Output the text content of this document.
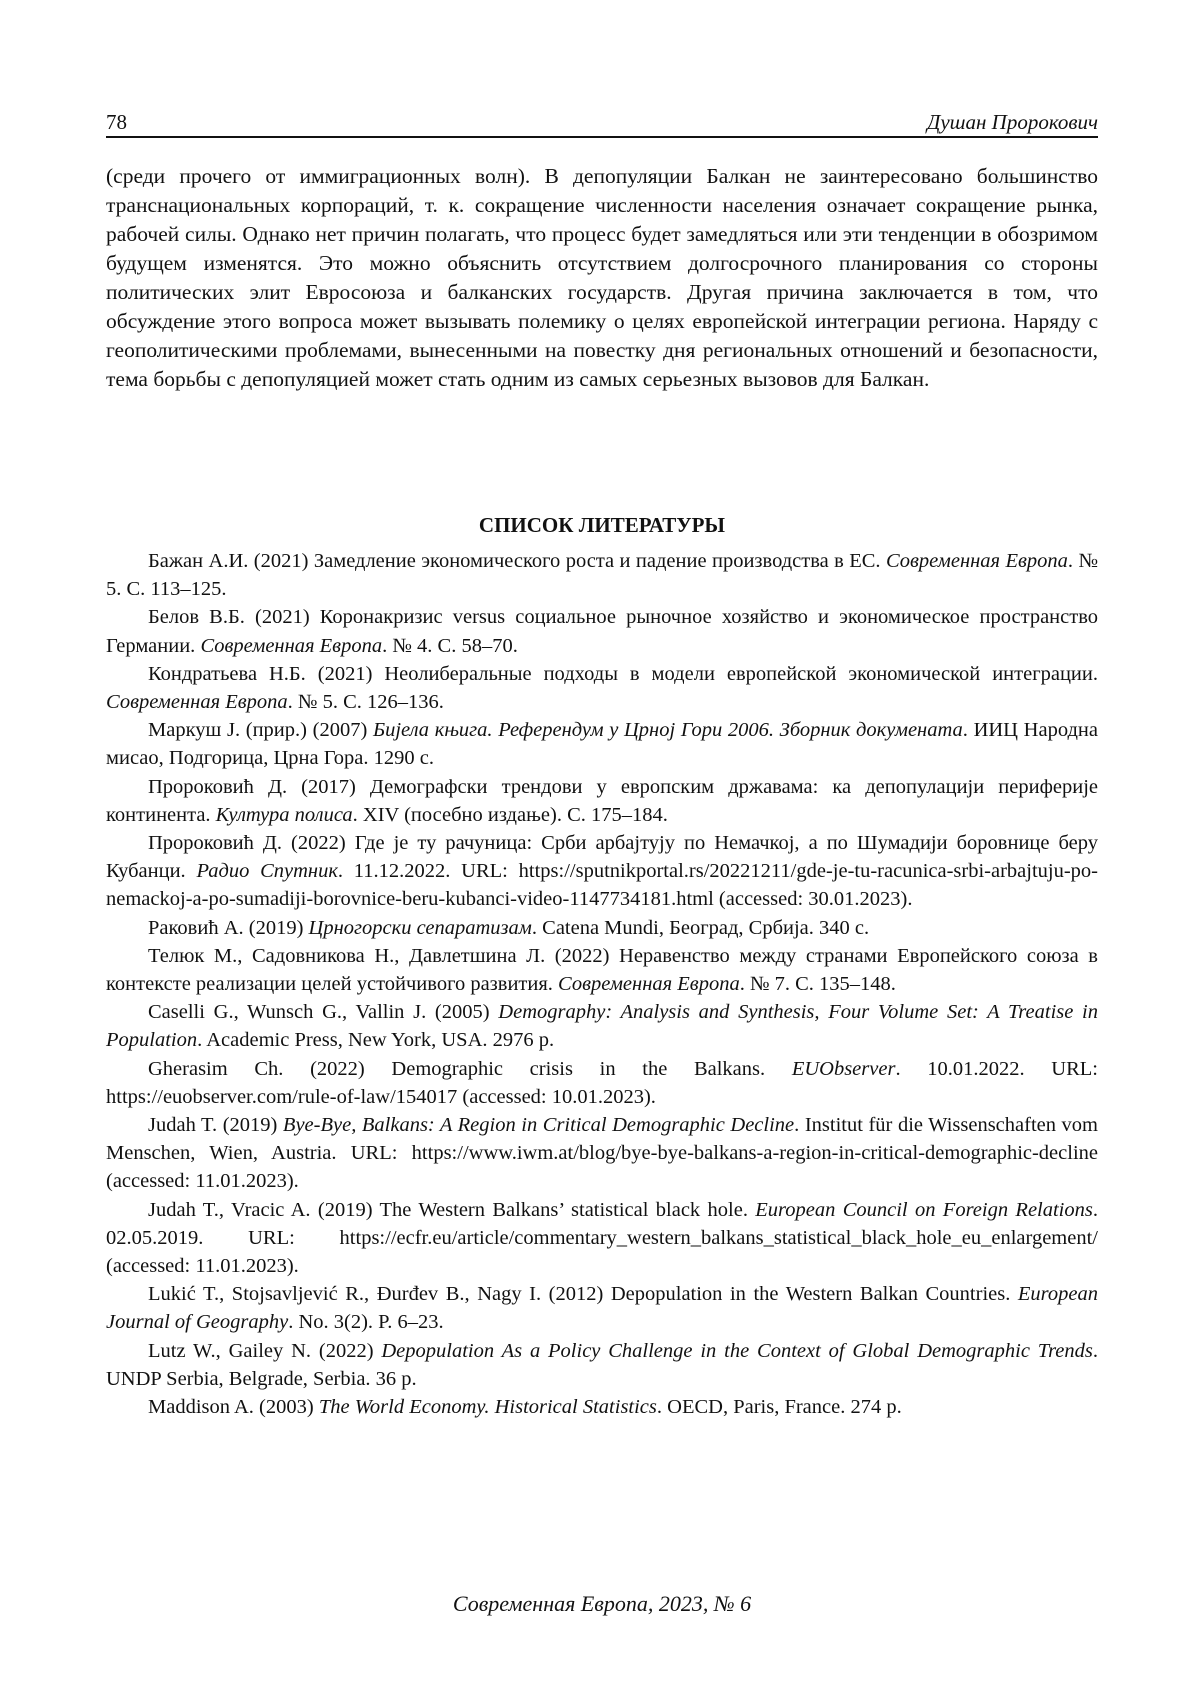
78	Душан Пророкович

(среди прочего от иммиграционных волн). В депопуляции Балкан не заинтересовано большинство транснациональных корпораций, т. к. сокращение численности населения означает сокращение рынка, рабочей силы. Однако нет причин полагать, что процесс будет замедляться или эти тенденции в обозримом будущем изменятся. Это можно объяснить отсутствием долгосрочного планирования со стороны политических элит Евросоюза и балканских государств. Другая причина заключается в том, что обсуждение этого вопроса может вызывать полемику о целях европейской интеграции региона. Наряду с геополитическими проблемами, вынесенными на повестку дня региональных отношений и безопасности, тема борьбы с депопуляцией может стать одним из самых серьезных вызовов для Балкан.

СПИСОК ЛИТЕРАТУРЫ
Бажан А.И. (2021) Замедление экономического роста и падение производства в ЕС. Современная Европа. № 5. С. 113–125.
Белов В.Б. (2021) Коронакризис versus социальное рыночное хозяйство и экономическое пространство Германии. Современная Европа. № 4. С. 58–70.
Кондратьева Н.Б. (2021) Неолиберальные подходы в модели европейской экономической интеграции. Современная Европа. № 5. С. 126–136.
Маркуш Ј. (прир.) (2007) Бијела књига. Референдум у Црној Гори 2006. Зборник докумената. ИИЦ Народна мисао, Подгорица, Црна Гора. 1290 с.
Пророковић Д. (2017) Демографски трендови у европским државама: ка депопулацији периферије континента. Култура полиса. XIV (посебно издање). С. 175–184.
Пророковић Д. (2022) Где је ту рачуница: Срби арбајтују по Немачкој, а по Шумадији боровнице беру Кубанци. Радио Спутник. 11.12.2022. URL: https://sputnikportal.rs/20221211/gde-je-tu-racunica-srbi-arbajtuju-po-nemackoj-a-po-sumadiji-borovnice-beru-kubanci-video-1147734181.html (accessed: 30.01.2023).
Раковић А. (2019) Црногорски сепаратизам. Catena Mundi, Београд, Србија. 340 с.
Телюк М., Садовникова Н., Давлетшина Л. (2022) Неравенство между странами Европейского союза в контексте реализации целей устойчивого развития. Современная Европа. № 7. С. 135–148.
Caselli G., Wunsch G., Vallin J. (2005) Demography: Analysis and Synthesis, Four Volume Set: A Treatise in Population. Academic Press, New York, USA. 2976 p.
Gherasim Ch. (2022) Demographic crisis in the Balkans. EUObserver. 10.01.2022. URL: https://euobserver.com/rule-of-law/154017 (accessed: 10.01.2023).
Judah T. (2019) Bye-Bye, Balkans: A Region in Critical Demographic Decline. Institut für die Wissenschaften vom Menschen, Wien, Austria. URL: https://www.iwm.at/blog/bye-bye-balkans-a-region-in-critical-demographic-decline (accessed: 11.01.2023).
Judah T., Vracic A. (2019) The Western Balkans’ statistical black hole. European Council on Foreign Relations. 02.05.2019. URL: https://ecfr.eu/article/commentary_western_balkans_statistical_black_hole_eu_enlargement/ (accessed: 11.01.2023).
Lukić T., Stojsavljević R., Đurđev B., Nagy I. (2012) Depopulation in the Western Balkan Countries. European Journal of Geography. No. 3(2). P. 6–23.
Lutz W., Gailey N. (2022) Depopulation As a Policy Challenge in the Context of Global Demographic Trends. UNDP Serbia, Belgrade, Serbia. 36 p.
Maddison A. (2003) The World Economy. Historical Statistics. OECD, Paris, France. 274 p.
Современная Европа, 2023, № 6
